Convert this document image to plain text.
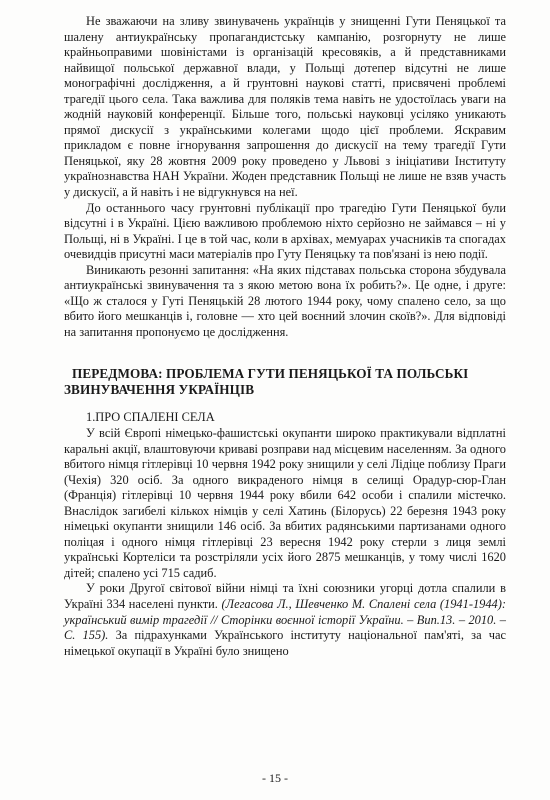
Не зважаючи на зливу звинувачень українців у знищенні Гути Пеняцької та шалену антиукраїнську пропагандистську кампанію, розгорнуту не лише крайньоправими шовіністами із організацій кресовяків, а й представниками найвищої польської державної влади, у Польщі дотепер відсутні не лише монографічні дослідження, а й грунтовні наукові статті, присвячені проблемі трагедії цього села. Така важлива для поляків тема навіть не удостоїлась уваги на жодній науковій конференції. Більше того, польські науковці усіляко уникають прямої дискусії з українськими колегами щодо цієї проблеми. Яскравим прикладом є повне ігнорування запрошення до дискусії на тему трагедії Гути Пеняцької, яку 28 жовтня 2009 року проведено у Львові з ініціативи Інституту українознавства НАН України. Жоден представник Польщі не лише не взяв участь у дискусії, а й навіть і не відгукнувся на неї.

До останнього часу грунтовні публікації про трагедію Гути Пеняцької були відсутні і в Україні. Цією важливою проблемою ніхто серйозно не займався – ні у Польщі, ні в Україні. І це в той час, коли в архівах, мемуарах учасників та спогадах очевидців присутні маси матеріалів про Гуту Пеняцьку та пов'язані із нею події.

Виникають резонні запитання: «На яких підставах польська сторона збудувала антиукраїнські звинувачення та з якою метою вона їх робить?». Це одне, і друге: «Що ж сталося у Гуті Пеняцькій 28 лютого 1944 року, чому спалено село, за що вбито його мешканців і, головне — хто цей воєнний злочин скоїв?». Для відповіді на запитання пропонуємо це дослідження.

ПЕРЕДМОВА: ПРОБЛЕМА ГУТИ ПЕНЯЦЬКОЇ ТА ПОЛЬСЬКІ ЗВИНУВАЧЕННЯ УКРАЇНЦІВ

1.ПРО СПАЛЕНІ СЕЛА

У всій Європі німецько-фашистські окупанти широко практикували відплатні каральні акції, влаштовуючи криваві розправи над місцевим населенням. За одного вбитого німця гітлерівці 10 червня 1942 року знищили у селі Лідіце поблизу Праги (Чехія) 320 осіб. За одного викраденого німця в селищі Орадур-сюр-Глан (Франція) гітлерівці 10 червня 1944 року вбили 642 особи і спалили містечко. Внаслідок загибелі кількох німців у селі Хатинь (Білорусь) 22 березня 1943 року німецькі окупанти знищили 146 осіб. За вбитих радянськими партизанами одного поліцая і одного німця гітлерівці 23 вересня 1942 року стерли з лиця землі українські Кортеліси та розстріляли усіх його 2875 мешканців, у тому числі 1620 дітей; спалено усі 715 садиб.

У роки Другої світової війни німці та їхні союзники угорці дотла спалили в Україні 334 населені пункти. (Легасова Л., Шевченко М. Спалені села (1941-1944): український вимір трагедії // Сторінки воєнної історії України. – Вип.13. – 2010. – С. 155). За підрахунками Українського інституту національної пам'яті, за час німецької окупації в Україні було знищено

- 15 -
